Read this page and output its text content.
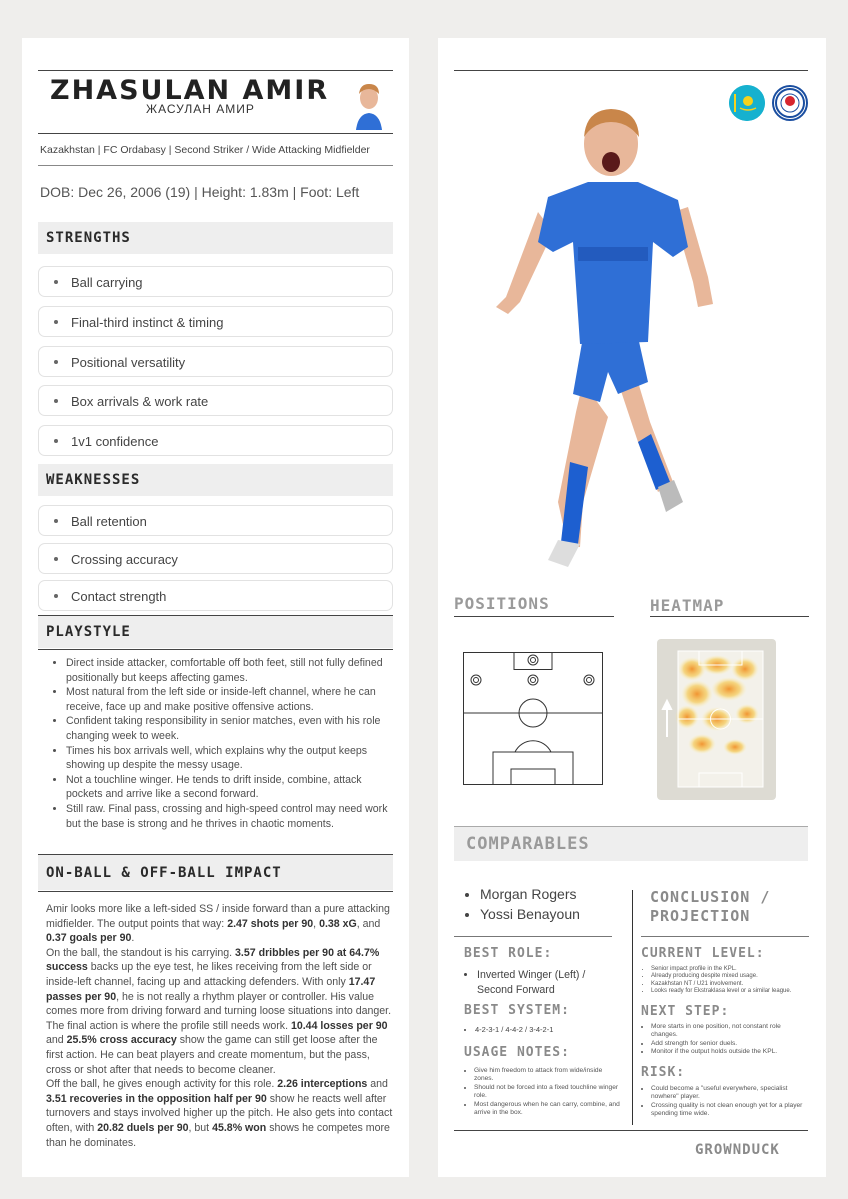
ZHASULAN AMIR
ЖАСУЛАН АМИР
Kazakhstan | FC Ordabasy | Second Striker / Wide Attacking Midfielder
DOB: Dec 26, 2006 (19) | Height: 1.83m | Foot: Left
STRENGTHS
Ball carrying
Final-third instinct & timing
Positional versatility
Box arrivals & work rate
1v1 confidence
WEAKNESSES
Ball retention
Crossing accuracy
Contact strength
PLAYSTYLE
• Direct inside attacker, comfortable off both feet, still not fully defined positionally but keeps affecting games.
• Most natural from the left side or inside-left channel, where he can receive, face up and make positive offensive actions.
• Confident taking responsibility in senior matches, even with his role changing week to week.
• Times his box arrivals well, which explains why the output keeps showing up despite the messy usage.
• Not a touchline winger. He tends to drift inside, combine, attack pockets and arrive like a second forward.
• Still raw. Final pass, crossing and high-speed control may need work but the base is strong and he thrives in chaotic moments.
ON-BALL & OFF-BALL IMPACT
Amir looks more like a left-sided SS / inside forward than a pure attacking midfielder. The output points that way: 2.47 shots per 90, 0.38 xG, and 0.37 goals per 90.
On the ball, the standout is his carrying. 3.57 dribbles per 90 at 64.7% success backs up the eye test, he likes receiving from the left side or inside-left channel, facing up and attacking defenders. With only 17.47 passes per 90, he is not really a rhythm player or controller. His value comes more from driving forward and turning loose situations into danger.
The final action is where the profile still needs work. 10.44 losses per 90 and 25.5% cross accuracy show the game can still get loose after the first action. He can beat players and create momentum, but the pass, cross or shot after that needs to become cleaner.
Off the ball, he gives enough activity for this role. 2.26 interceptions and 3.51 recoveries in the opposition half per 90 show he reacts well after turnovers and stays involved higher up the pitch. He also gets into contact often, with 20.82 duels per 90, but 45.8% won shows he competes more than he dominates.
POSITIONS	HEATMAP
COMPARABLES
• Morgan Rogers
• Yossi Benayoun
BEST ROLE:
• Inverted Winger (Left) / Second Forward
BEST SYSTEM:
• 4-2-3-1 / 4-4-2 / 3-4-2-1
USAGE NOTES:
• Give him freedom to attack from wide/inside zones.
• Should not be forced into a fixed touchline winger role.
• Most dangerous when he can carry, combine, and arrive in the box.
CONCLUSION / PROJECTION
CURRENT LEVEL:
• Senior impact profile in the KPL.
• Already producing despite mixed usage.
• Kazakhstan NT / U21 involvement.
• Looks ready for Ekstraklasa level or a similar league.
NEXT STEP:
• More starts in one position, not constant role changes.
• Add strength for senior duels.
• Monitor if the output holds outside the KPL.
RISK:
• Could become a "useful everywhere, specialist nowhere" player.
• Crossing quality is not clean enough yet for a player spending time wide.
GROWNDUCK
